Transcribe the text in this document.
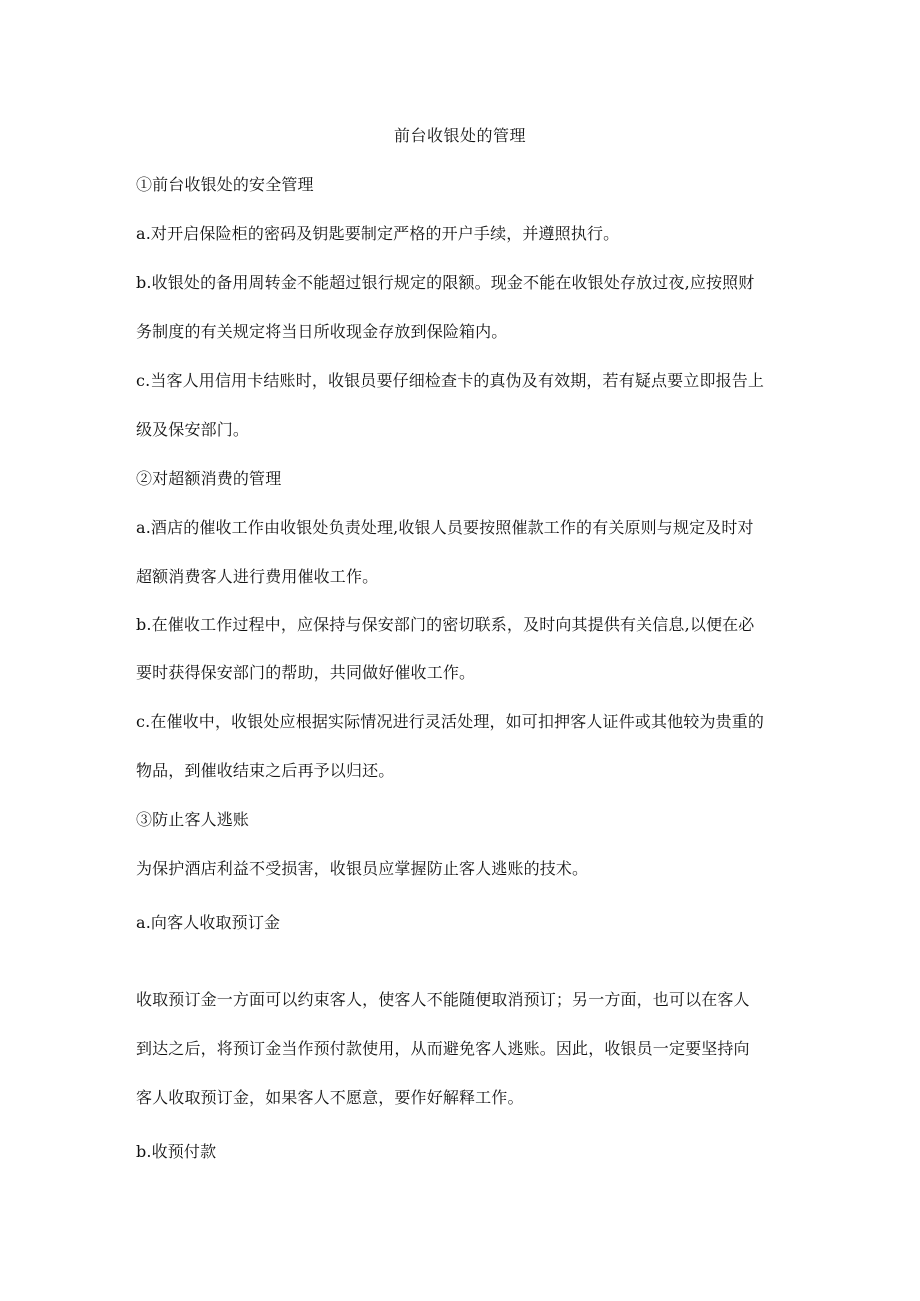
前台收银处的管理
①前台收银处的安全管理
a.对开启保险柜的密码及钥匙要制定严格的开户手续，并遵照执行。
b.收银处的备用周转金不能超过银行规定的限额。现金不能在收银处存放过夜,应按照财
务制度的有关规定将当日所收现金存放到保险箱内。
c.当客人用信用卡结账时，收银员要仔细检查卡的真伪及有效期，若有疑点要立即报告上
级及保安部门。
②对超额消费的管理
a.酒店的催收工作由收银处负责处理,收银人员要按照催款工作的有关原则与规定及时对
超额消费客人进行费用催收工作。
b.在催收工作过程中，应保持与保安部门的密切联系，及时向其提供有关信息,以便在必
要时获得保安部门的帮助，共同做好催收工作。
c.在催收中，收银处应根据实际情况进行灵活处理，如可扣押客人证件或其他较为贵重的
物品，到催收结束之后再予以归还。
③防止客人逃账
为保护酒店利益不受损害，收银员应掌握防止客人逃账的技术。
a.向客人收取预订金
收取预订金一方面可以约束客人，使客人不能随便取消预订；另一方面，也可以在客人
到达之后，将预订金当作预付款使用，从而避免客人逃账。因此，收银员一定要坚持向
客人收取预订金，如果客人不愿意，要作好解释工作。
b.收预付款
